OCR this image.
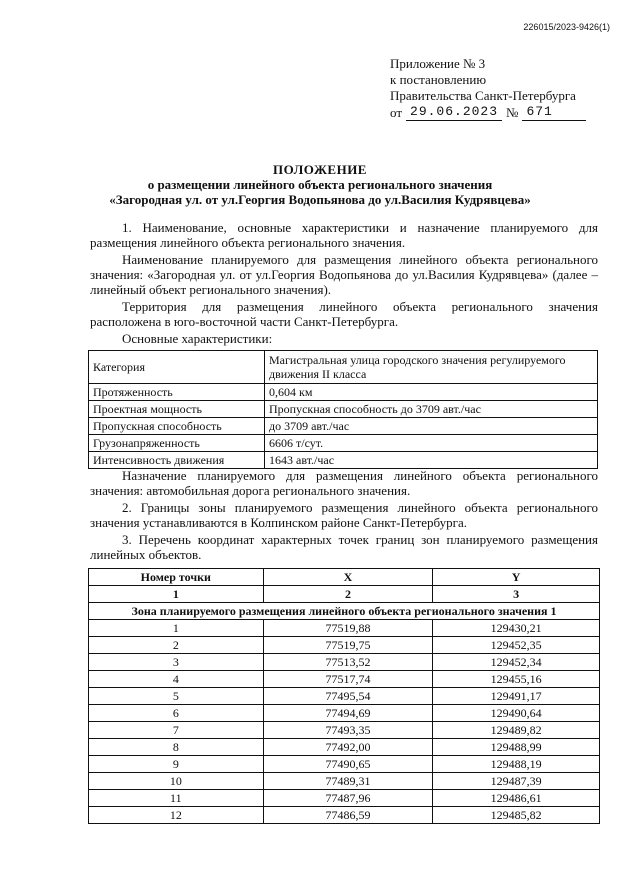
226015/2023-9426(1)
Приложение № 3
к постановлению
Правительства Санкт-Петербурга
от 29.06.2023 № 671
ПОЛОЖЕНИЕ
о размещении линейного объекта регионального значения
«Загородная ул. от ул.Георгия Водопьянова до ул.Василия Кудрявцева»

1. Наименование, основные характеристики и назначение планируемого для размещения линейного объекта регионального значения.

Наименование планируемого для размещения линейного объекта регионального значения: «Загородная ул. от ул.Георгия Водопьянова до ул.Василия Кудрявцева» (далее – линейный объект регионального значения).

Территория для размещения линейного объекта регионального значения расположена в юго-восточной части Санкт-Петербурга.

Основные характеристики:

Категория	Магистральная улица городского значения регулируемого движения II класса
Протяженность	0,604 км
Проектная мощность	Пропускная способность до 3709 авт./час
Пропускная способность	до 3709 авт./час
Грузонапряженность	6606 т/сут.
Интенсивность движения	1643 авт./час

Назначение планируемого для размещения линейного объекта регионального значения: автомобильная дорога регионального значения.

2. Границы зоны планируемого размещения линейного объекта регионального значения устанавливаются в Колпинском районе Санкт-Петербурга.

3. Перечень координат характерных точек границ зон планируемого размещения линейных объектов.

Номер точки	X	Y
1	2	3
Зона планируемого размещения линейного объекта регионального значения 1		
1	77519,88	129430,21
2	77519,75	129452,35
3	77513,52	129452,34
4	77517,74	129455,16
5	77495,54	129491,17
6	77494,69	129490,64
7	77493,35	129489,82
8	77492,00	129488,99
9	77490,65	129488,19
10	77489,31	129487,39
11	77487,96	129486,61
12	77486,59	129485,82
